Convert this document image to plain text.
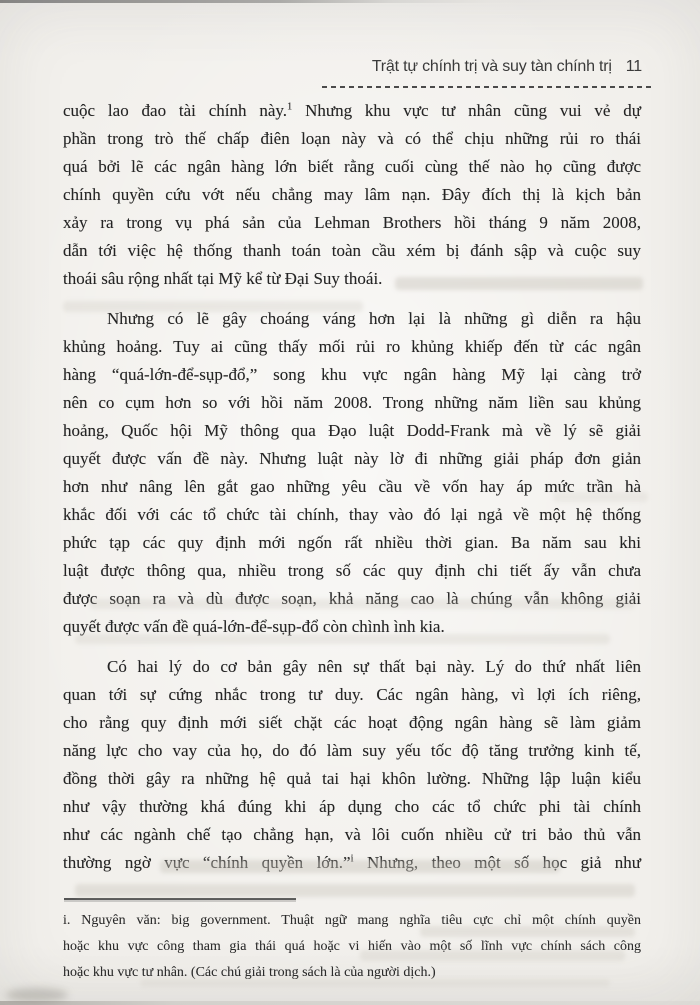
Trật tự chính trị và suy tàn chính trị 11
cuộc lao đao tài chính này.$^1$ Nhưng khu vực tư nhân cũng vui vẻ dự
phần trong trò thế chấp điên loạn này và có thể chịu những rủi ro thái
quá bởi lẽ các ngân hàng lớn biết rằng cuối cùng thế nào họ cũng được
chính quyền cứu vớt nếu chẳng may lâm nạn. Đây đích thị là kịch bản
xảy ra trong vụ phá sản của Lehman Brothers hồi tháng 9 năm 2008,
dẫn tới việc hệ thống thanh toán toàn cầu xém bị đánh sập và cuộc suy
thoái sâu rộng nhất tại Mỹ kể từ Đại Suy thoái.
Nhưng có lẽ gây choáng váng hơn lại là những gì diễn ra hậu
khủng hoảng. Tuy ai cũng thấy mối rủi ro khủng khiếp đến từ các ngân
hàng “quá-lớn-để-sụp-đổ,” song khu vực ngân hàng Mỹ lại càng trở
nên co cụm hơn so với hồi năm 2008. Trong những năm liền sau khủng
hoảng, Quốc hội Mỹ thông qua Đạo luật Dodd-Frank mà về lý sẽ giải
quyết được vấn đề này. Nhưng luật này lờ đi những giải pháp đơn giản
hơn như nâng lên gắt gao những yêu cầu về vốn hay áp mức trần hà
khắc đối với các tổ chức tài chính, thay vào đó lại ngả về một hệ thống
phức tạp các quy định mới ngốn rất nhiều thời gian. Ba năm sau khi
luật được thông qua, nhiều trong số các quy định chi tiết ấy vẫn chưa
được soạn ra và dù được soạn, khả năng cao là chúng vẫn không giải
quyết được vấn đề quá-lớn-để-sụp-đổ còn chình ình kia.
Có hai lý do cơ bản gây nên sự thất bại này. Lý do thứ nhất liên
quan tới sự cứng nhắc trong tư duy. Các ngân hàng, vì lợi ích riêng,
cho rằng quy định mới siết chặt các hoạt động ngân hàng sẽ làm giảm
năng lực cho vay của họ, do đó làm suy yếu tốc độ tăng trưởng kinh tế,
đồng thời gây ra những hệ quả tai hại khôn lường. Những lập luận kiểu
như vậy thường khá đúng khi áp dụng cho các tổ chức phi tài chính
như các ngành chế tạo chẳng hạn, và lôi cuốn nhiều cử tri bảo thủ vẫn
thường ngờ vực “chính quyền lớn.”$^i$ Nhưng, theo một số học giả như
i. Nguyên văn: big government. Thuật ngữ mang nghĩa tiêu cực chỉ một chính quyền
hoặc khu vực công tham gia thái quá hoặc vi hiến vào một số lĩnh vực chính sách công
hoặc khu vực tư nhân. (Các chú giải trong sách là của người dịch.)
